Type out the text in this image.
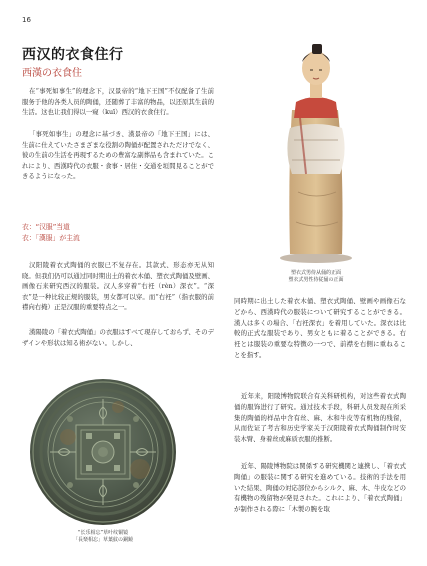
16
西汉的衣食住行
西漢の衣食住

在“事死如事生”的理念下，汉景帝的“地下王国”不仅配备了生前服务于他的各类人员的陶俑，还随葬了丰富的物品，以还原其生前的生活。这也让我们得以一窥（kuī）西汉的衣食住行。

「事死如事生」の理念に基づき、漢景帝の「地下王国」には、生前に仕えていたさまざまな役割の陶俑が配置されただけでなく、彼の生前の生活を再現するための豊富な副葬品も含まれていた。これにより、西漢時代の衣服・食事・居住・交通を垣間見ることができるようになった。

衣：“汉服”当道
衣：「漢服」が主流

汉阳陵着衣式陶俑的衣服已不复存在。其款式、形态亦无从知晓。但我们仍可以通过同时期出土的着衣木俑、塑衣式陶俑及壁画、画像石来研究西汉的服装。汉人多穿着“右衽（rèn）深衣”。“深衣”是一种比较正规的服装，男女都可以穿。而“右衽”（指衣服的前襟向右掩）正是汉服的重要特点之一。

漢陽陵の「着衣式陶俑」の衣服はすべて現存しておらず、そのデザインや形状は知る術がない。しかし、

塑衣式男侍从俑的正面
塑衣式男性侍従俑の正面

同時期に出土した着衣木俑、塑衣式陶俑、壁画や画像石などから、西漢時代の服装について研究することができる。漢人は多くの場合、「右衽深衣」を着用していた。深衣は比較的正式な服装であり、男女ともに着ることができる。右衽とは服装の重要な特徴の一つで、前襟を右側に重ねることを指す。

近年来，阳陵博物院联合有关科研机构，对这些着衣式陶俑的服饰进行了研究。通过技术手段，科研人员发现在所采集的陶俑的样品中含有丝、麻、木和牛皮等有机物的残留，从而佐证了考古和历史学家关于汉阳陵着衣式陶俑制作时安装木臂、身着丝或麻质衣服的推断。

近年、陽陵博物院は関係する研究機関と連携し、「着衣式陶俑」の服装に関する研究を進めている。技術的手法を用いた結果、陶俑の対応部位からシルク、麻、木、牛皮などの有機物の残留物が発見された。これにより、「着衣式陶俑」が制作される際に「木製の腕を取

“长乐相忘”草叶纹铜镜
「長楽相忘」草葉紋の銅鏡
